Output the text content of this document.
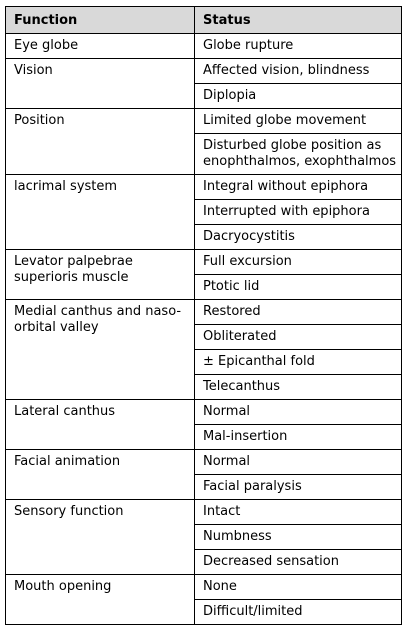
Function	Status
Eye globe	Globe rupture
Vision	Affected vision, blindness
	Diplopia
Position	Limited globe movement
	Disturbed globe position as enophthalmos, exophthalmos
lacrimal system	Integral without epiphora
	Interrupted with epiphora
	Dacryocystitis
Levator palpebrae superioris muscle	Full excursion
	Ptotic lid
Medial canthus and naso-orbital valley	Restored
	Obliterated
	± Epicanthal fold
	Telecanthus
Lateral canthus	Normal
	Mal-insertion
Facial animation	Normal
	Facial paralysis
Sensory function	Intact
	Numbness
	Decreased sensation
Mouth opening	None
	Difficult/limited
